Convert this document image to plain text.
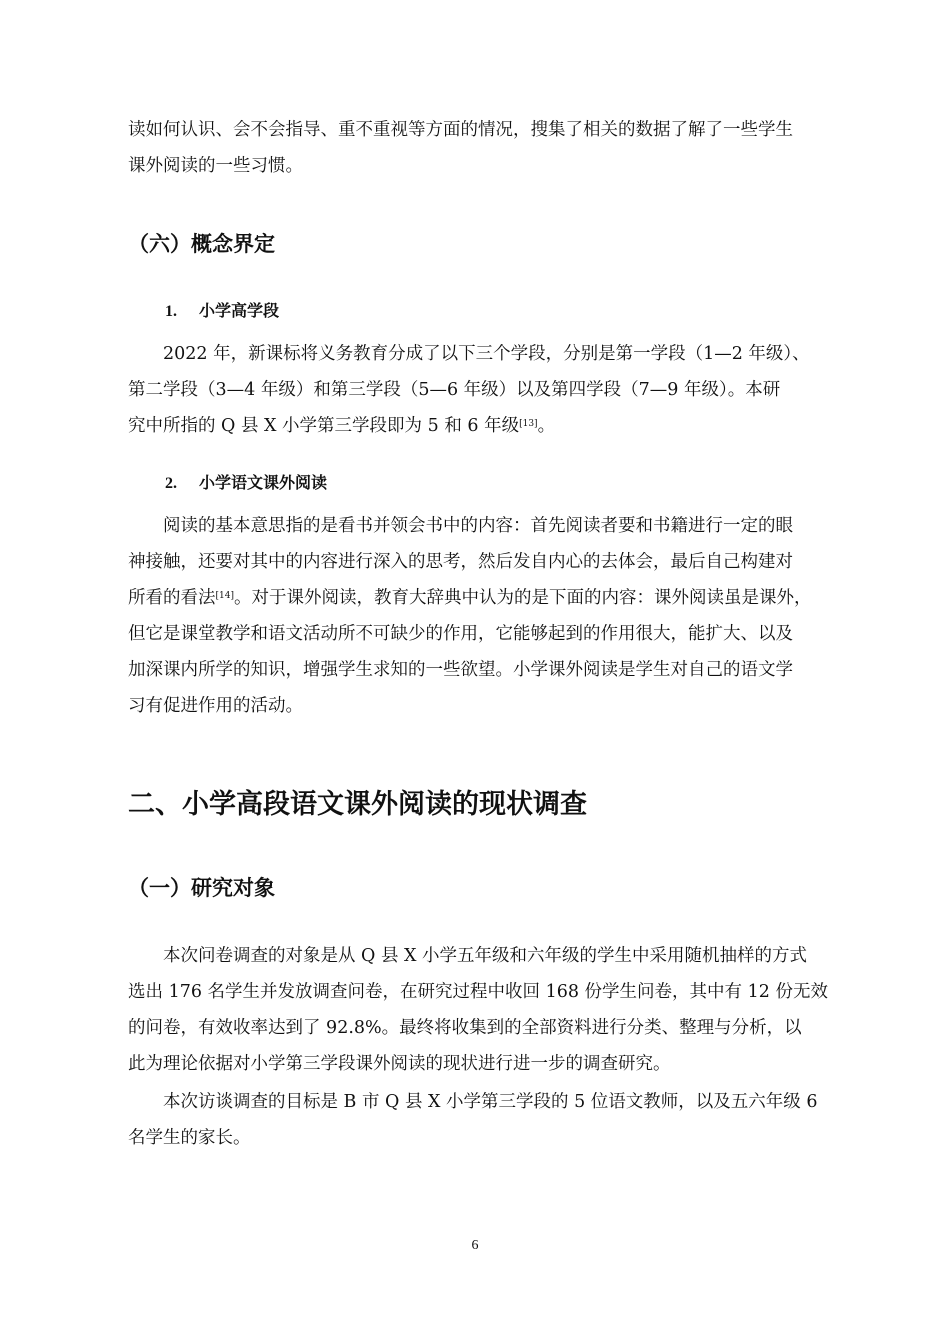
读如何认识、会不会指导、重不重视等方面的情况，搜集了相关的数据了解了一些学生
课外阅读的一些习惯。

（六）概念界定
1. 小学高学段

2022 年，新课标将义务教育分成了以下三个学段，分别是第一学段（1—2 年级）、
第二学段（3—4 年级）和第三学段（5—6 年级）以及第四学段（7—9 年级）。本研
究中所指的 Q 县 X 小学第三学段即为 5 和 6 年级[13]。

2. 小学语文课外阅读

阅读的基本意思指的是看书并领会书中的内容：首先阅读者要和书籍进行一定的眼
神接触，还要对其中的内容进行深入的思考，然后发自内心的去体会，最后自己构建对
所看的看法[14]。对于课外阅读，教育大辞典中认为的是下面的内容：课外阅读虽是课外，
但它是课堂教学和语文活动所不可缺少的作用，它能够起到的作用很大，能扩大、以及
加深课内所学的知识，增强学生求知的一些欲望。小学课外阅读是学生对自己的语文学
习有促进作用的活动。

二、小学高段语文课外阅读的现状调查
（一）研究对象

本次问卷调查的对象是从 Q 县 X 小学五年级和六年级的学生中采用随机抽样的方式
选出 176 名学生并发放调查问卷，在研究过程中收回 168 份学生问卷，其中有 12 份无效
的问卷，有效收率达到了 92.8%。最终将收集到的全部资料进行分类、整理与分析，以
此为理论依据对小学第三学段课外阅读的现状进行进一步的调查研究。

本次访谈调查的目标是 B 市 Q 县 X 小学第三学段的 5 位语文教师，以及五六年级 6
名学生的家长。

6
